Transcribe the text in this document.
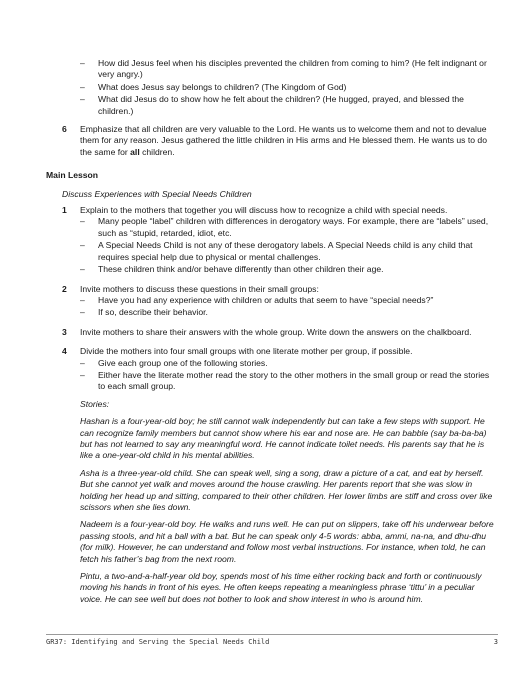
–	How did Jesus feel when his disciples prevented the children from coming to him? (He felt indignant or very angry.)
–	What does Jesus say belongs to children? (The Kingdom of God)
–	What did Jesus do to show how he felt about the children? (He hugged, prayed, and blessed the children.)
6	Emphasize that all children are very valuable to the Lord. He wants us to welcome them and not to devalue them for any reason. Jesus gathered the little children in His arms and He blessed them. He wants us to do the same for all children.
Main Lesson
Discuss Experiences with Special Needs Children
1	Explain to the mothers that together you will discuss how to recognize a child with special needs.
–	Many people “label” children with differences in derogatory ways. For example, there are “labels” used, such as “stupid, retarded, idiot, etc.
–	A Special Needs Child is not any of these derogatory labels. A Special Needs child is any child that requires special help due to physical or mental challenges.
–	These children think and/or behave differently than other children their age.
2	Invite mothers to discuss these questions in their small groups:
–	Have you had any experience with children or adults that seem to have “special needs?”
–	If so, describe their behavior.
3	Invite mothers to share their answers with the whole group. Write down the answers on the chalkboard.
4	Divide the mothers into four small groups with one literate mother per group, if possible.
–	Give each group one of the following stories.
–	Either have the literate mother read the story to the other mothers in the small group or read the stories to each small group.

Stories:

Hashan is a four-year-old boy; he still cannot walk independently but can take a few steps with support. He can recognize family members but cannot show where his ear and nose are. He can babble (say ba-ba-ba) but has not learned to say any meaningful word. He cannot indicate toilet needs. His parents say that he is like a one-year-old child in his mental abilities.

Asha is a three-year-old child. She can speak well, sing a song, draw a picture of a cat, and eat by herself. But she cannot yet walk and moves around the house crawling. Her parents report that she was slow in holding her head up and sitting, compared to their other children. Her lower limbs are stiff and cross over like scissors when she lies down.

Nadeem is a four-year-old boy. He walks and runs well. He can put on slippers, take off his underwear before passing stools, and hit a ball with a bat. But he can speak only 4-5 words: abba, ammi, na-na, and dhu-dhu (for milk). However, he can understand and follow most verbal instructions. For instance, when told, he can fetch his father’s bag from the next room.

Pintu, a two-and-a-half-year old boy, spends most of his time either rocking back and forth or continuously moving his hands in front of his eyes. He often keeps repeating a meaningless phrase ‘tittu’ in a peculiar voice. He can see well but does not bother to look and show interest in who is around him.

GR37: Identifying and Serving the Special Needs Child	3
